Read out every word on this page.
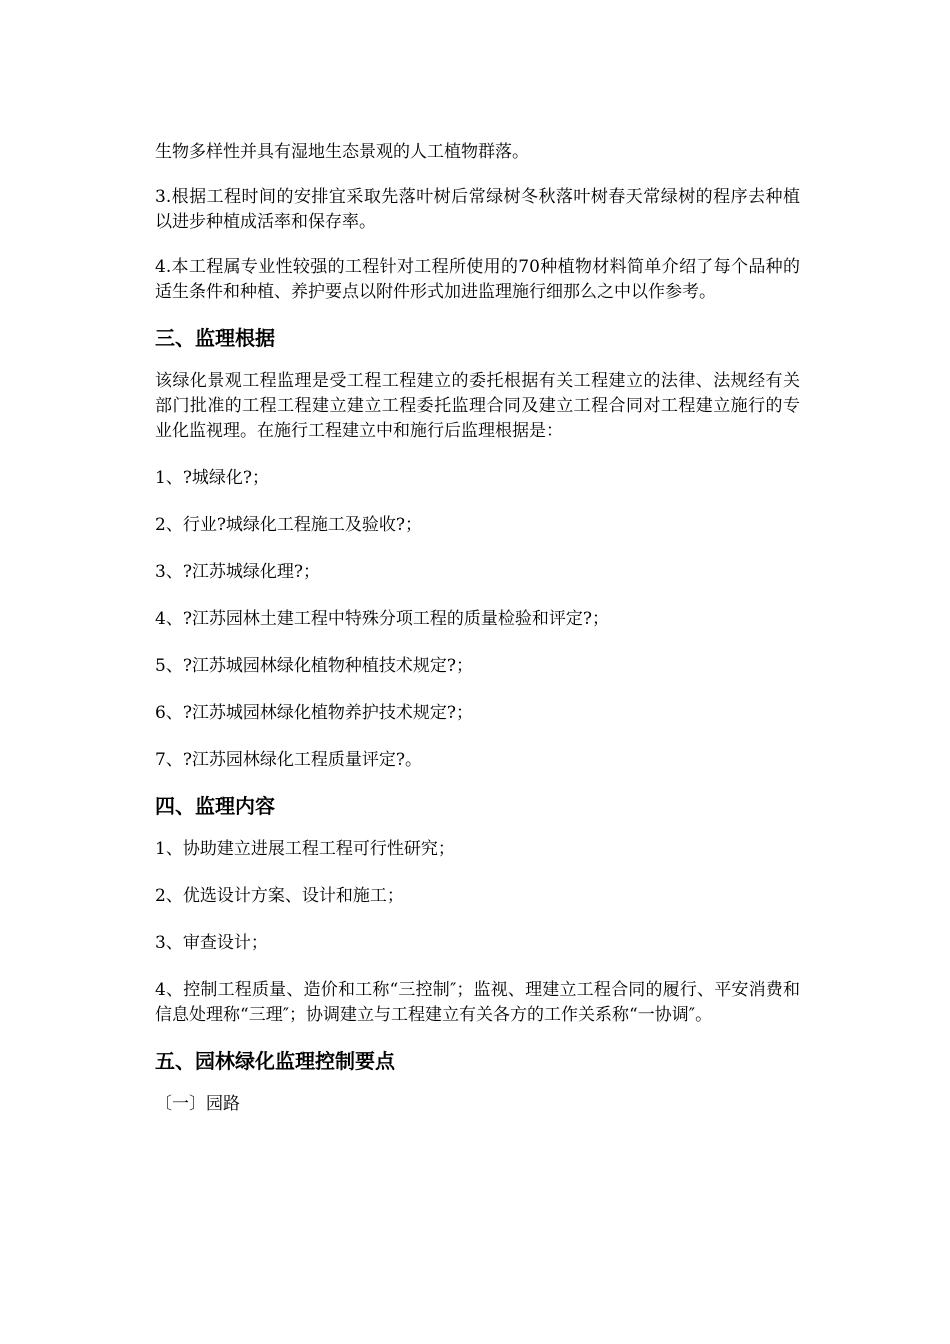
生物多样性并具有湿地生态景观的人工植物群落。

3.根据工程时间的安排宜采取先落叶树后常绿树冬秋落叶树春天常绿树的程序去种植以进步种植成活率和保存率。

4.本工程属专业性较强的工程针对工程所使用的70种植物材料简单介绍了每个品种的适生条件和种植、养护要点以附件形式加进监理施行细那么之中以作参考。

三、监理根据

该绿化景观工程监理是受工程工程建立的委托根据有关工程建立的法律、法规经有关部门批准的工程工程建立建立工程委托监理合同及建立工程合同对工程建立施行的专业化监视理。在施行工程建立中和施行后监理根据是：

1、?城绿化?；

2、行业?城绿化工程施工及验收?；

3、?江苏城绿化理?；

4、?江苏园林土建工程中特殊分项工程的质量检验和评定?；

5、?江苏城园林绿化植物种植技术规定?；

6、?江苏城园林绿化植物养护技术规定?；

7、?江苏园林绿化工程质量评定?。

四、监理内容

1、协助建立进展工程工程可行性研究；

2、优选设计方案、设计和施工；

3、审查设计；

4、控制工程质量、造价和工称“三控制″；监视、理建立工程合同的履行、平安消费和信息处理称“三理″；协调建立与工程建立有关各方的工作关系称“一协调″。

五、园林绿化监理控制要点

〔一〕园路
